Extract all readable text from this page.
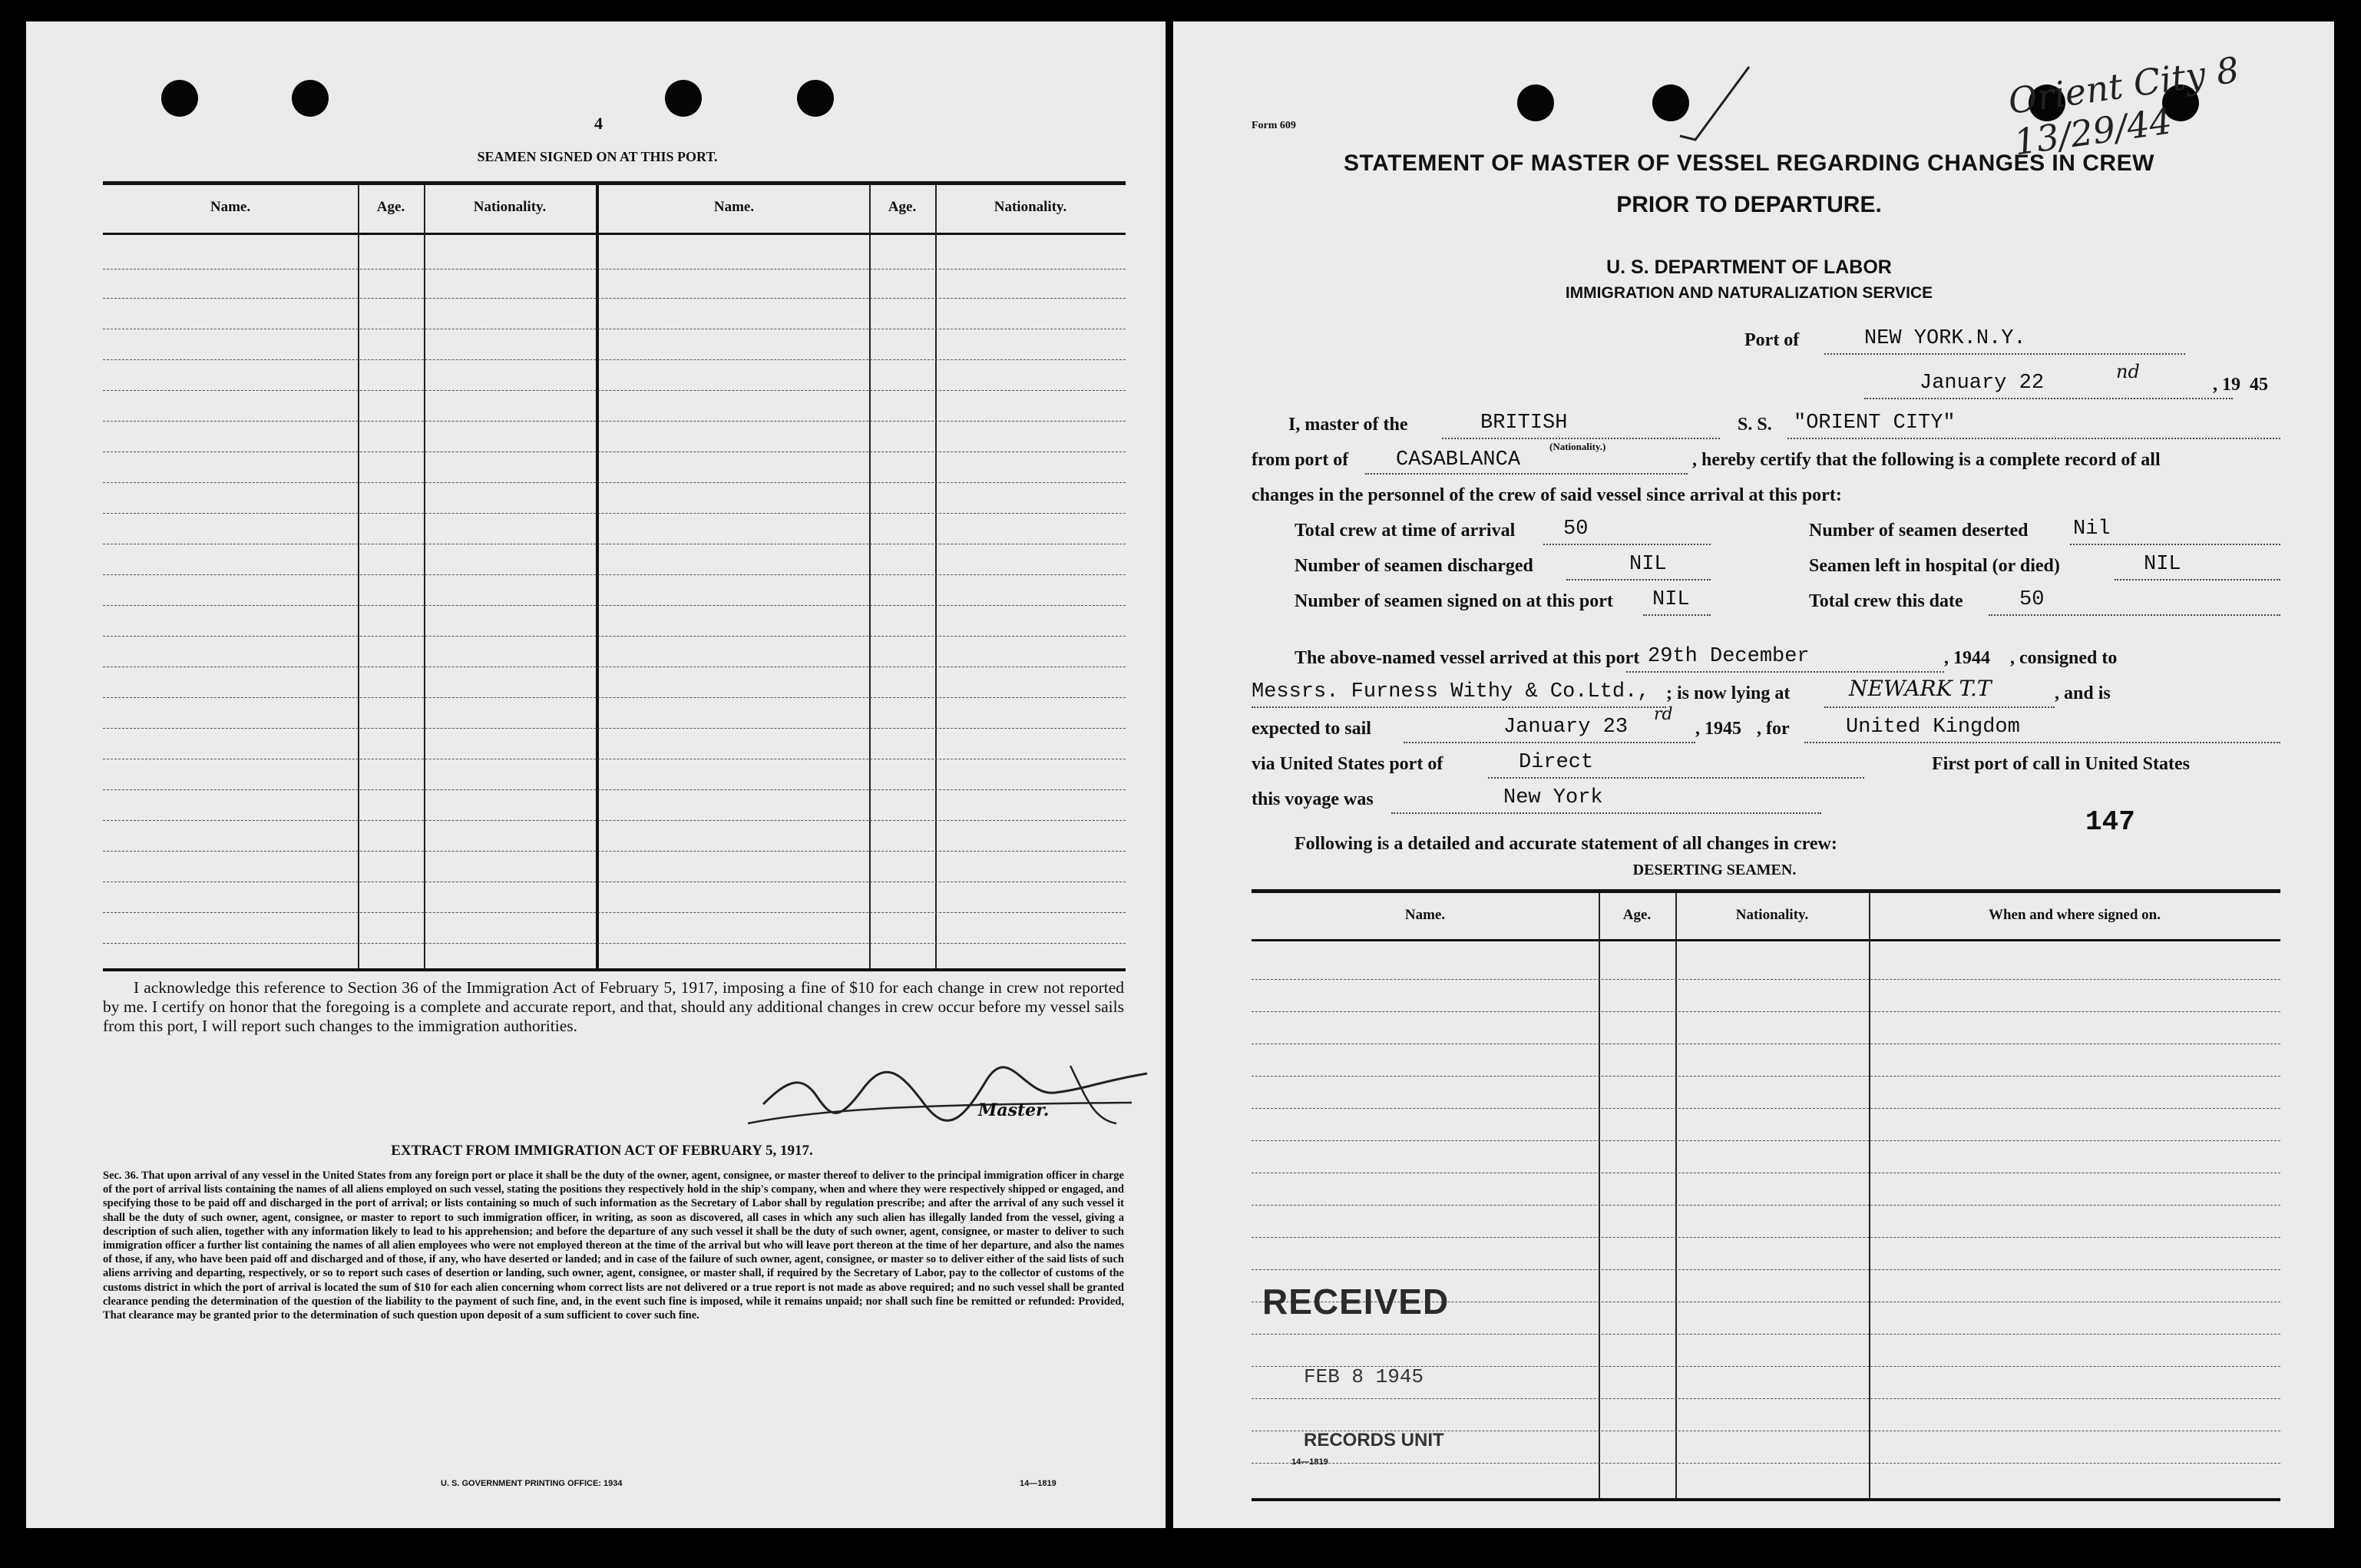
4
SEAMEN SIGNED ON AT THIS PORT.
Name.	Age.	Nationality.	Name.	Age.	Nationality.
I acknowledge this reference to Section 36 of the Immigration Act of February 5, 1917, imposing a fine of $10 for each change in crew not reported by me. I certify on honor that the foregoing is a complete and accurate report, and that, should any additional changes in crew occur before my vessel sails from this port, I will report such changes to the immigration authorities.
Master.
EXTRACT FROM IMMIGRATION ACT OF FEBRUARY 5, 1917.
Sec. 36. That upon arrival of any vessel in the United States from any foreign port or place it shall be the duty of the owner, agent, consignee, or master thereof to deliver to the principal immigration officer in charge of the port of arrival lists containing the names of all aliens employed on such vessel, stating the positions they respectively hold in the ship's company, when and where they were respectively shipped or engaged, and specifying those to be paid off and discharged in the port of arrival; or lists containing so much of such information as the Secretary of Labor shall by regulation prescribe; and after the arrival of any such vessel it shall be the duty of such owner, agent, consignee, or master to report to such immigration officer, in writing, as soon as discovered, all cases in which any such alien has illegally landed from the vessel, giving a description of such alien, together with any information likely to lead to his apprehension; and before the departure of any such vessel it shall be the duty of such owner, agent, consignee, or master to deliver to such immigration officer a further list containing the names of all alien employees who were not employed thereon at the time of the arrival but who will leave port thereon at the time of her departure, and also the names of those, if any, who have been paid off and discharged and of those, if any, who have deserted or landed; and in case of the failure of such owner, agent, consignee, or master so to deliver either of the said lists of such aliens arriving and departing, respectively, or so to report such cases of desertion or landing, such owner, agent, consignee, or master shall, if required by the Secretary of Labor, pay to the collector of customs of the customs district in which the port of arrival is located the sum of $10 for each alien concerning whom correct lists are not delivered or a true report is not made as above required; and no such vessel shall be granted clearance pending the determination of the question of the liability to the payment of such fine, and, in the event such fine is imposed, while it remains unpaid; nor shall such fine be remitted or refunded: Provided, That clearance may be granted prior to the determination of such question upon deposit of a sum sufficient to cover such fine.
U. S. GOVERNMENT PRINTING OFFICE: 1934	14—1819
Orient City 8 13/29/44
Form 609
STATEMENT OF MASTER OF VESSEL REGARDING CHANGES IN CREW
PRIOR TO DEPARTURE.
U. S. DEPARTMENT OF LABOR
IMMIGRATION AND NATURALIZATION SERVICE
Port of	NEW YORK.N.Y.
January 22	nd
, 19 45
I, master of the	BRITISH
(Nationality.)
S. S. "ORIENT CITY"
from port of CASABLANCA	, hereby certify that the following is a complete record of all
changes in the personnel of the crew of said vessel since arrival at this port:
Total crew at time of arrival 50	Number of seamen deserted Nil
Number of seamen discharged	NIL	Seamen left in hospital (or died)	NIL
Number of seamen signed on at this port NIL	Total crew this date	50
The above-named vessel arrived at this port 29th December	, 1944 , consigned to
Messrs. Furness Withy & Co.Ltd., ; is now lying at	NEWARK T.T	, and is
expected to sail	January 23
rd
, 1945 , for	United Kingdom
via United States port of	Direct	First port of call in United States
this voyage was	New York
147
Following is a detailed and accurate statement of all changes in crew:
DESERTING SEAMEN.
Name.	Age.	Nationality.	When and where signed on.
RECEIVED
FEB 8 1945
RECORDS UNIT
14—1819
